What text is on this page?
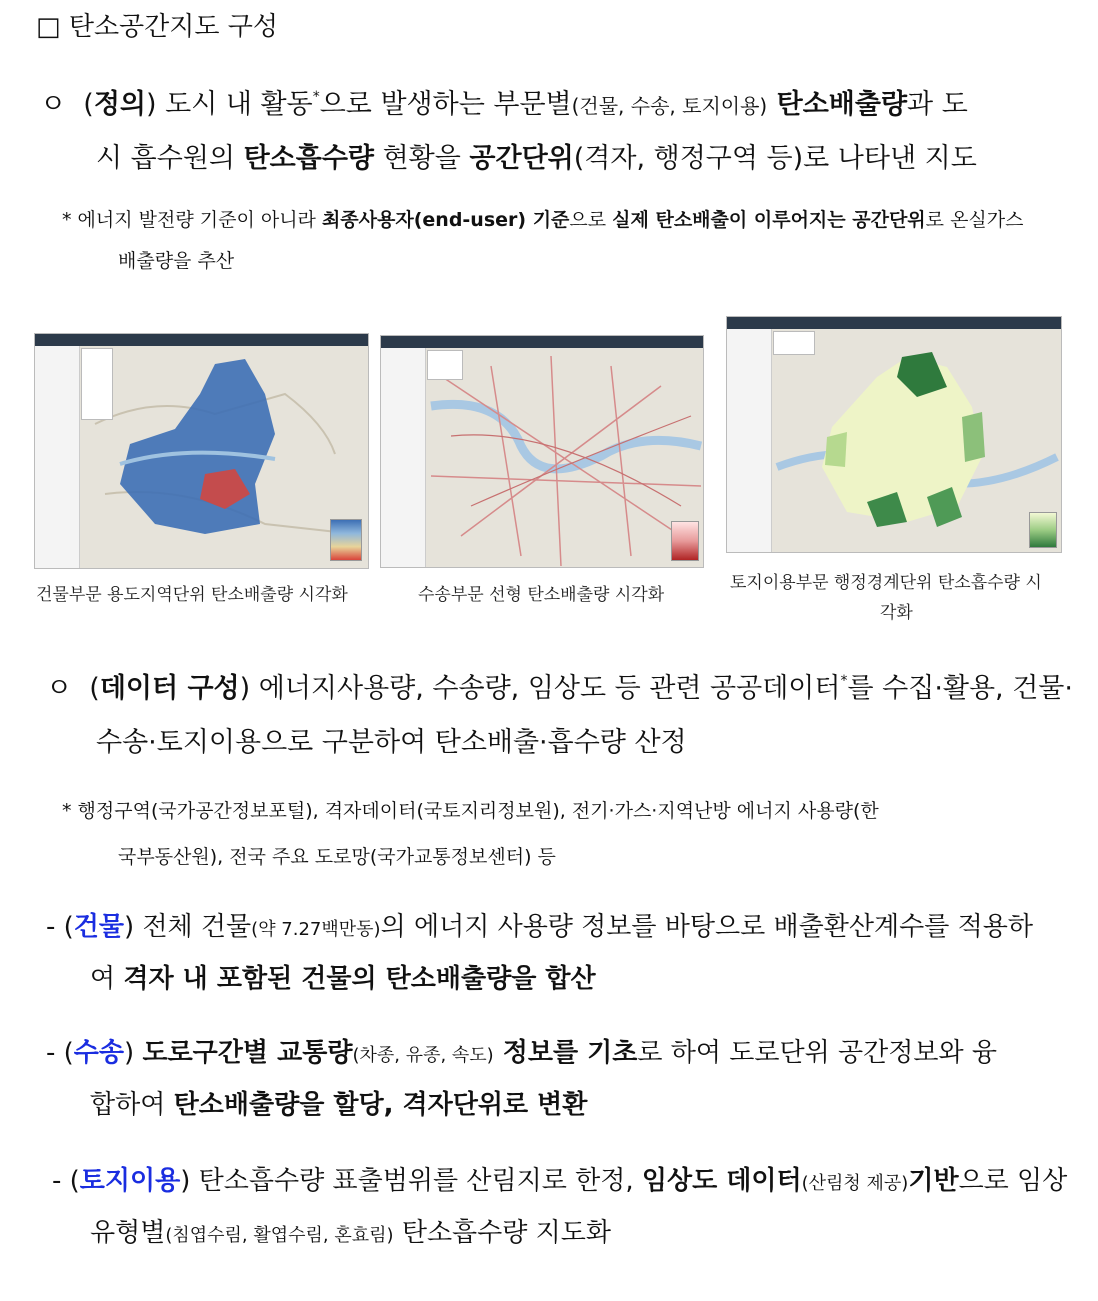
□ 탄소공간지도 구성
ㅇ (정의) 도시 내 활동*으로 발생하는 부문별(건물, 수송, 토지이용) 탄소배출량과 도
시 흡수원의 탄소흡수량 현황을 공간단위(격자, 행정구역 등)로 나타낸 지도
* 에너지 발전량 기준이 아니라 최종사용자(end-user) 기준으로 실제 탄소배출이 이루어지는 공간단위로 온실가스
배출량을 추산
건물부문 용도지역단위 탄소배출량 시각화	수송부문 선형 탄소배출량 시각화
토지이용부문 행정경계단위 탄소흡수량 시
각화
ㅇ (데이터 구성) 에너지사용량, 수송량, 임상도 등 관련 공공데이터*를 수집·활용, 건물·
수송·토지이용으로 구분하여 탄소배출·흡수량 산정
* 행정구역(국가공간정보포털), 격자데이터(국토지리정보원), 전기·가스·지역난방 에너지 사용량(한
국부동산원), 전국 주요 도로망(국가교통정보센터) 등
- (건물) 전체 건물(약 7.27백만동)의 에너지 사용량 정보를 바탕으로 배출환산계수를 적용하
여 격자 내 포함된 건물의 탄소배출량을 합산
- (수송) 도로구간별 교통량(차종, 유종, 속도) 정보를 기초로 하여 도로단위 공간정보와 융
합하여 탄소배출량을 할당, 격자단위로 변환
- (토지이용) 탄소흡수량 표출범위를 산림지로 한정, 임상도 데이터(산림청 제공)기반으로 임상
유형별(침엽수림, 활엽수림, 혼효림) 탄소흡수량 지도화
